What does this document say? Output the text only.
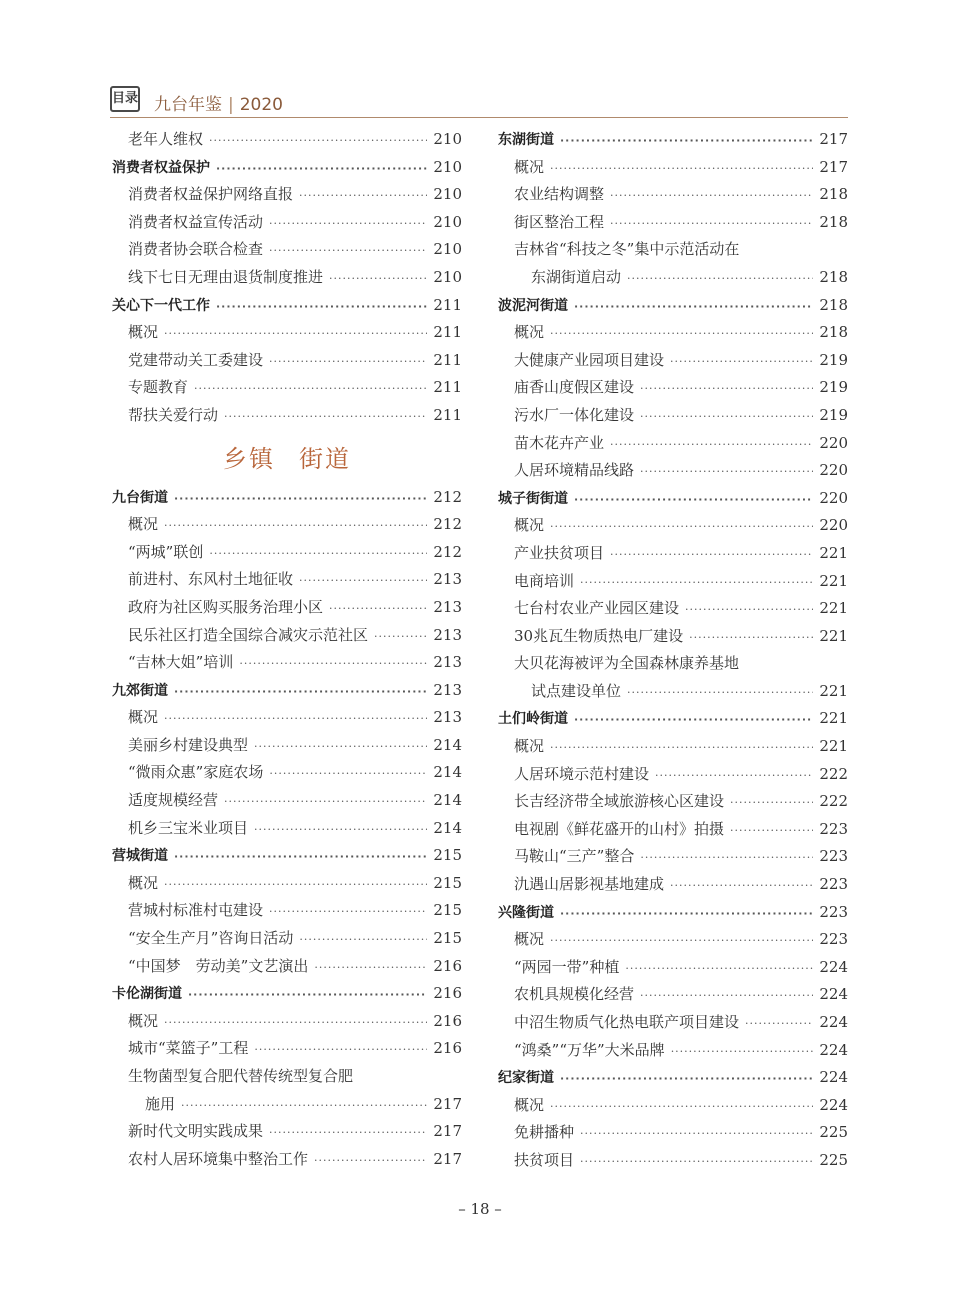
目录 九台年鉴 | 2020
老年人维权 ·····	210
消费者权益保护 ·····	210
消费者权益保护网络直报 ·····	210
消费者权益宣传活动 ·····	210
消费者协会联合检查 ·····	210
线下七日无理由退货制度推进 ·····	210
关心下一代工作 ·····	211
概况 ·····	211
党建带动关工委建设 ·····	211
专题教育 ·····	211
帮扶关爱行动 ·····	211
乡镇 街道
九台街道 ·····	212
概况 ·····	212
“两城”联创 ·····	212
前进村、东风村土地征收 ·····	213
政府为社区购买服务治理小区 ·····	213
民乐社区打造全国综合减灾示范社区 ·····	213
“吉林大姐”培训 ·····	213
九郊街道 ·····	213
概况 ·····	213
美丽乡村建设典型 ·····	214
“微雨众惠”家庭农场 ·····	214
适度规模经营 ·····	214
机乡三宝米业项目 ·····	214
营城街道 ·····	215
概况 ·····	215
营城村标准村屯建设 ·····	215
“安全生产月”咨询日活动 ·····	215
“中国梦　劳动美”文艺演出 ·····	216
卡伦湖街道 ·····	216
概况 ·····	216
城市“菜篮子”工程 ·····	216
生物菌型复合肥代替传统型复合肥
施用 ·····	217
新时代文明实践成果 ·····	217
农村人居环境集中整治工作 ·····	217
东湖街道 ·····	217
概况 ·····	217
农业结构调整 ·····	218
街区整治工程 ·····	218
吉林省“科技之冬”集中示范活动在
东湖街道启动 ·····	218
波泥河街道 ·····	218
概况 ·····	218
大健康产业园项目建设 ·····	219
庙香山度假区建设 ·····	219
污水厂一体化建设 ·····	219
苗木花卉产业 ·····	220
人居环境精品线路 ·····	220
城子街街道 ·····	220
概况 ·····	220
产业扶贫项目 ·····	221
电商培训 ·····	221
七台村农业产业园区建设 ·····	221
30兆瓦生物质热电厂建设 ·····	221
大贝花海被评为全国森林康养基地
试点建设单位 ·····	221
土们岭街道 ·····	221
概况 ·····	221
人居环境示范村建设 ·····	222
长吉经济带全域旅游核心区建设 ·····	222
电视剧《鲜花盛开的山村》拍摄 ·····	223
马鞍山“三产”整合 ·····	223
氿遇山居影视基地建成 ·····	223
兴隆街道 ·····	223
概况 ·····	223
“两园一带”种植 ·····	224
农机具规模化经营 ·····	224
中沼生物质气化热电联产项目建设 ·····	224
“鸿桑”“万华”大米品牌 ·····	224
纪家街道 ·····	224
概况 ·····	224
免耕播种 ·····	225
扶贫项目 ·····	225
– 18 –
